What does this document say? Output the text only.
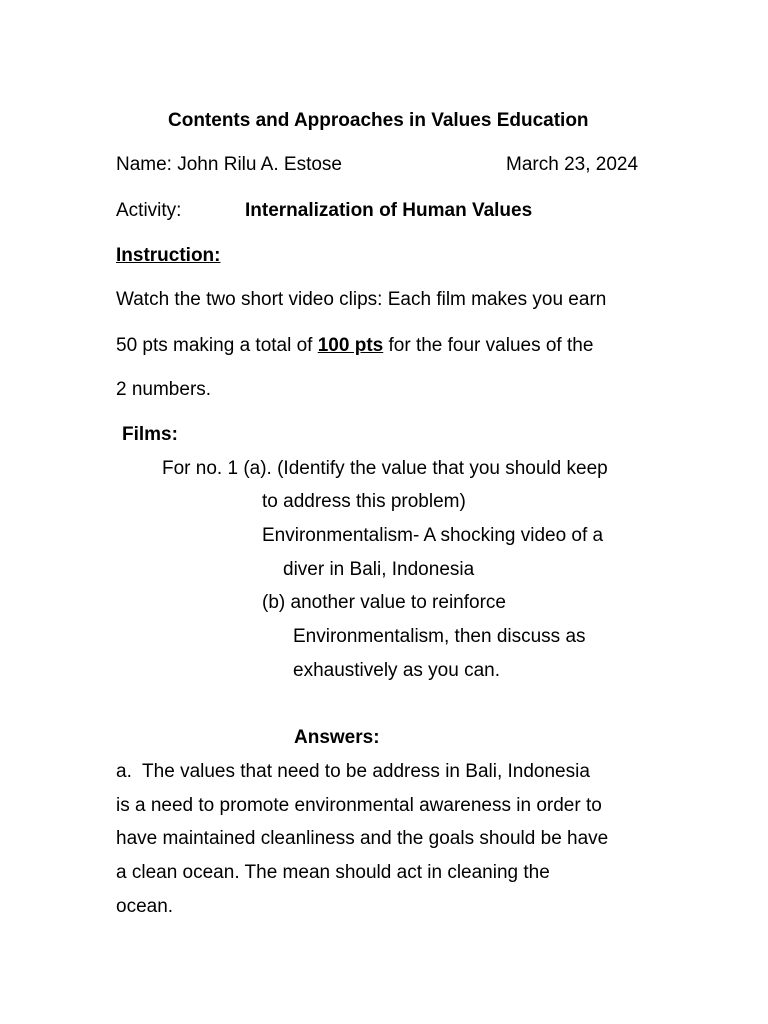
Contents and Approaches in Values Education
Name: John Rilu A. Estose	March 23, 2024
Activity:	Internalization of Human Values
Instruction:
Watch the two short video clips: Each film makes you earn
50 pts making a total of 100 pts for the four values of the
2 numbers.
Films:
For no. 1 (a). (Identify the value that you should keep
to address this problem)
Environmentalism- A shocking video of a
diver in Bali, Indonesia
(b) another value to reinforce
Environmentalism, then discuss as
exhaustively as you can.
Answers:
a.  The values that need to be address in Bali, Indonesia
is a need to promote environmental awareness in order to
have maintained cleanliness and the goals should be have
a clean ocean. The mean should act in cleaning the
ocean.
